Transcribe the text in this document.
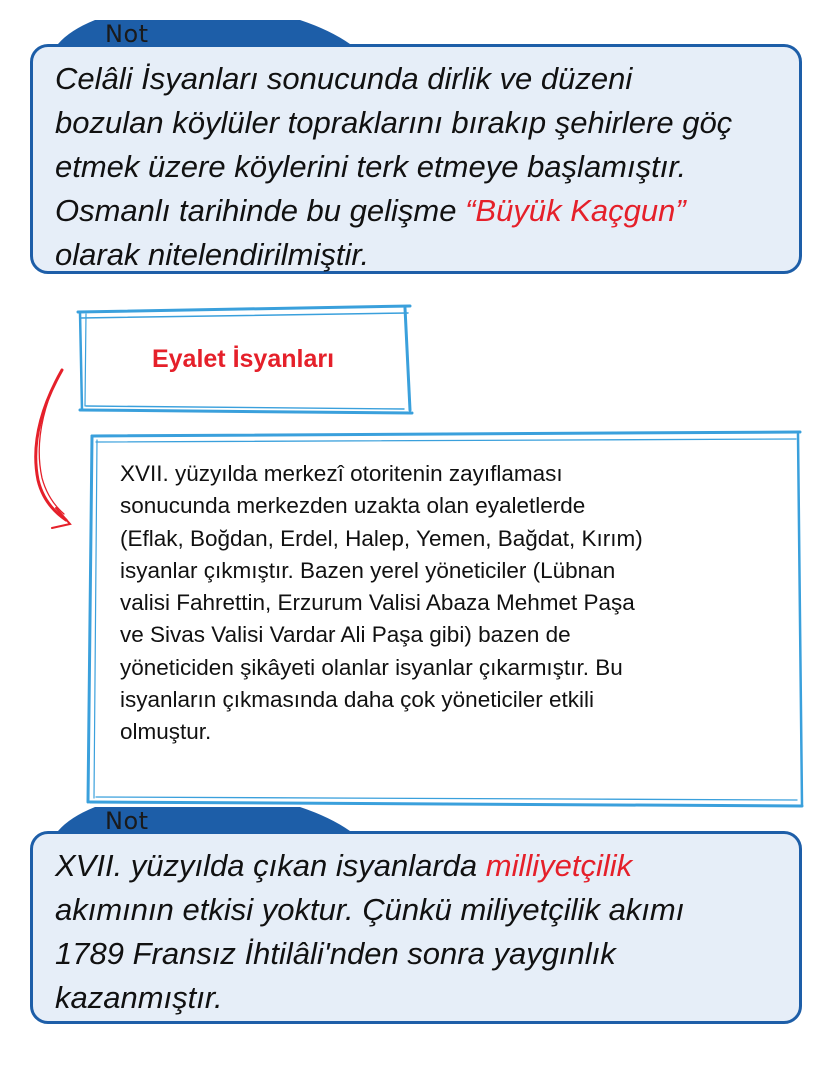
Celâli İsyanları sonucunda dirlik ve düzeni
bozulan köylüler topraklarını bırakıp şehirlere göç
etmek üzere köylerini terk etmeye başlamıştır.
Osmanlı tarihinde bu gelişme “Büyük Kaçgun”
olarak nitelendirilmiştir.
Not
Eyalet İsyanları
XVII. yüzyılda merkezî otoritenin zayıflaması
sonucunda merkezden uzakta olan eyaletlerde
(Eflak, Boğdan, Erdel, Halep, Yemen, Bağdat, Kırım)
isyanlar çıkmıştır. Bazen yerel yöneticiler (Lübnan
valisi Fahrettin, Erzurum Valisi Abaza Mehmet Paşa
ve Sivas Valisi Vardar Ali Paşa gibi) bazen de
yöneticiden şikâyeti olanlar isyanlar çıkarmıştır. Bu
isyanların çıkmasında daha çok yöneticiler etkili
olmuştur.
XVII. yüzyılda çıkan isyanlarda milliyetçilik
akımının etkisi yoktur. Çünkü miliyetçilik akımı
1789 Fransız İhtilâli'nden sonra yaygınlık
kazanmıştır.
Not
